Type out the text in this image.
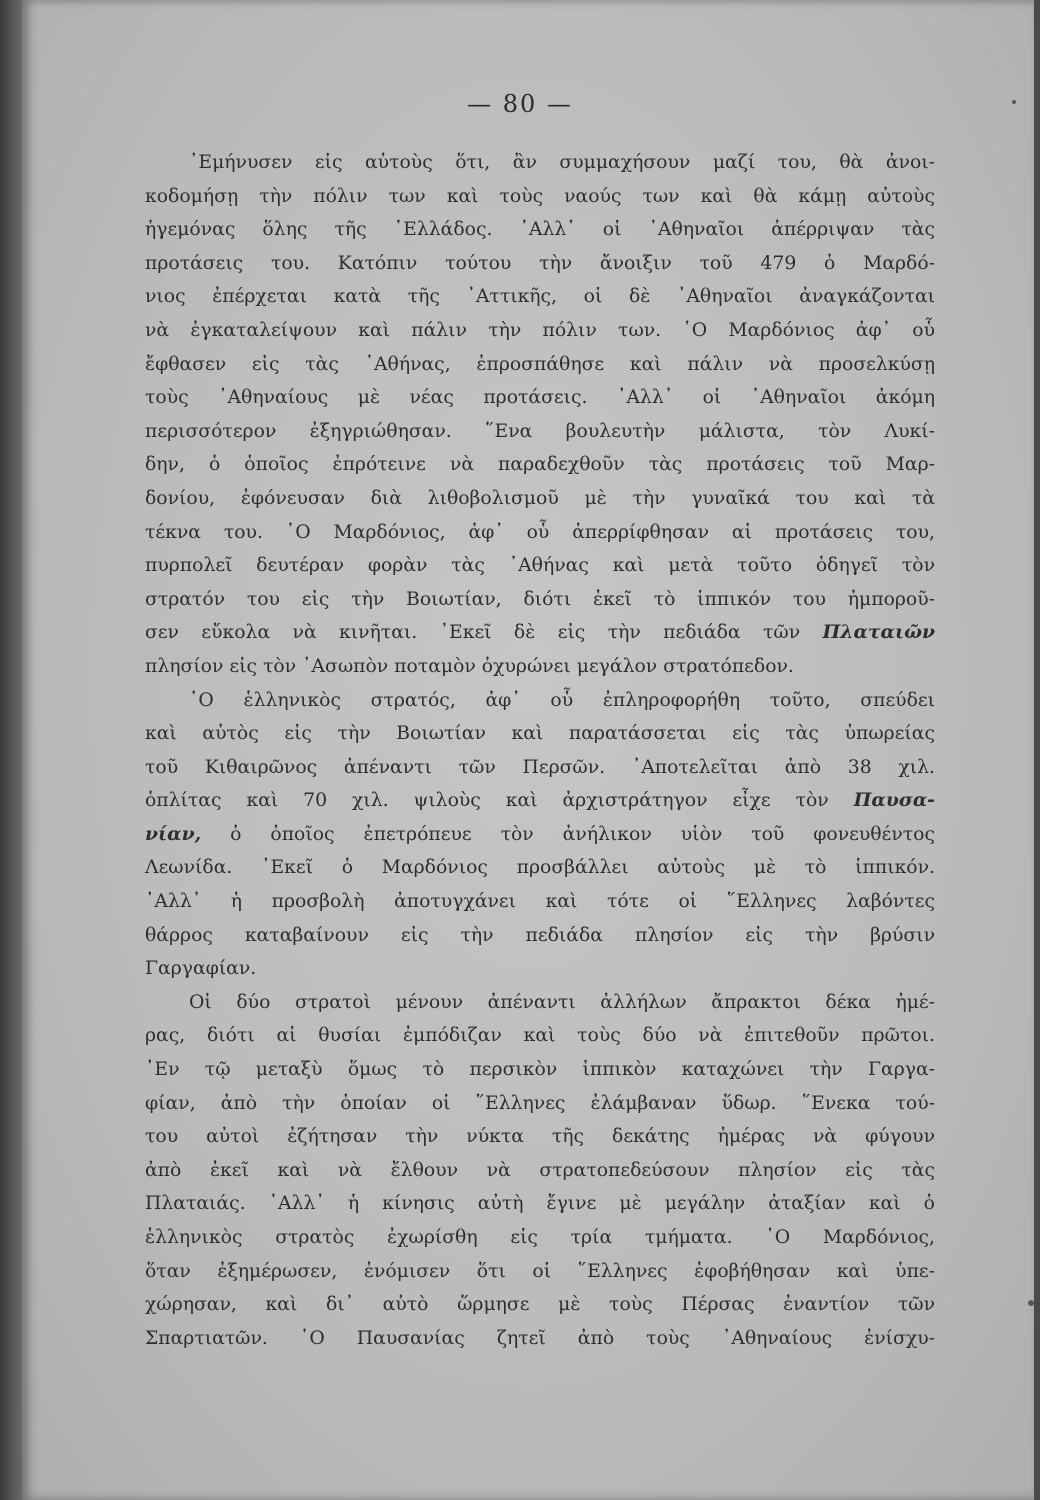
— 80 —

᾿Εμήνυσεν εἰς αὐτοὺς ὅτι, ἂν συμμαχήσουν μαζί του, θὰ ἀνοι-
κοδομήσῃ τὴν πόλιν των καὶ τοὺς ναούς των καὶ θὰ κάμῃ αὐτοὺς
ἡγεμόνας ὅλης τῆς ῾Ελλάδος. ᾿Αλλ᾿ οἱ ᾿Αθηναῖοι ἀπέρριψαν τὰς
προτάσεις του. Κατόπιν τούτου τὴν ἄνοιξιν τοῦ 479 ὁ Μαρδό-
νιος ἐπέρχεται κατὰ τῆς ᾿Αττικῆς, οἱ δὲ ᾿Αθηναῖοι ἀναγκάζονται
νὰ ἐγκαταλείψουν καὶ πάλιν τὴν πόλιν των. ῾Ο Μαρδόνιος ἀφ᾿ οὗ
ἔφθασεν εἰς τὰς ᾿Αθήνας, ἐπροσπάθησε καὶ πάλιν νὰ προσελκύσῃ
τοὺς ᾿Αθηναίους μὲ νέας προτάσεις. ᾿Αλλ᾿ οἱ ᾿Αθηναῖοι ἀκόμη
περισσότερον ἐξηγριώθησαν. ῞Ενα βουλευτὴν μάλιστα, τὸν Λυκί-
δην, ὁ ὁποῖος ἐπρότεινε νὰ παραδεχθοῦν τὰς προτάσεις τοῦ Μαρ-
δονίου, ἐφόνευσαν διὰ λιθοβολισμοῦ μὲ τὴν γυναῖκά του καὶ τὰ
τέκνα του. ῾Ο Μαρδόνιος, ἀφ᾿ οὗ ἀπερρίφθησαν αἱ προτάσεις του,
πυρπολεῖ δευτέραν φορὰν τὰς ᾿Αθήνας καὶ μετὰ τοῦτο ὁδηγεῖ τὸν
στρατόν του εἰς τὴν Βοιωτίαν, διότι ἐκεῖ τὸ ἱππικόν του ἠμποροῦ-
σεν εὔκολα νὰ κινῆται. ᾿Εκεῖ δὲ εἰς τὴν πεδιάδα τῶν Πλαταιῶν
πλησίον εἰς τὸν ᾿Ασωπὸν ποταμὸν ὀχυρώνει μεγάλον στρατόπεδον.

῾Ο ἑλληνικὸς στρατός, ἀφ᾿ οὗ ἐπληροφορήθη τοῦτο, σπεύδει
καὶ αὐτὸς εἰς τὴν Βοιωτίαν καὶ παρατάσσεται εἰς τὰς ὑπωρείας
τοῦ Κιθαιρῶνος ἀπέναντι τῶν Περσῶν. ᾿Αποτελεῖται ἀπὸ 38 χιλ.
ὁπλίτας καὶ 70 χιλ. ψιλοὺς καὶ ἀρχιστράτηγον εἶχε τὸν Παυσα-
νίαν, ὁ ὁποῖος ἐπετρόπευε τὸν ἀνήλικον υἱὸν τοῦ φονευθέντος
Λεωνίδα. ᾿Εκεῖ ὁ Μαρδόνιος προσβάλλει αὐτοὺς μὲ τὸ ἱππικόν.
᾿Αλλ᾿ ἡ προσβολὴ ἀποτυγχάνει καὶ τότε οἱ ῞Ελληνες λαβόντες
θάρρος καταβαίνουν εἰς τὴν πεδιάδα πλησίον εἰς τὴν βρύσιν
Γαργαφίαν.

Οἱ δύο στρατοὶ μένουν ἀπέναντι ἀλλήλων ἄπρακτοι δέκα ἡμέ-
ρας, διότι αἱ θυσίαι ἐμπόδιζαν καὶ τοὺς δύο νὰ ἐπιτεθοῦν πρῶτοι.
᾿Εν τῷ μεταξὺ ὅμως τὸ περσικὸν ἱππικὸν καταχώνει τὴν Γαργα-
φίαν, ἀπὸ τὴν ὁποίαν οἱ ῞Ελληνες ἐλάμβαναν ὕδωρ. ῞Ενεκα τού-
του αὐτοὶ ἐζήτησαν τὴν νύκτα τῆς δεκάτης ἡμέρας νὰ φύγουν
ἀπὸ ἐκεῖ καὶ νὰ ἔλθουν νὰ στρατοπεδεύσουν πλησίον εἰς τὰς
Πλαταιάς. ᾿Αλλ᾿ ἡ κίνησις αὐτὴ ἔγινε μὲ μεγάλην ἀταξίαν καὶ ὁ
ἑλληνικὸς στρατὸς ἐχωρίσθη εἰς τρία τμήματα. ῾Ο Μαρδόνιος,
ὅταν ἐξημέρωσεν, ἐνόμισεν ὅτι οἱ ῞Ελληνες ἐφοβήθησαν καὶ ὑπε-
χώρησαν, καὶ δι᾿ αὐτὸ ὥρμησε μὲ τοὺς Πέρσας ἐναντίον τῶν
Σπαρτιατῶν. ῾Ο Παυσανίας ζητεῖ ἀπὸ τοὺς ᾿Αθηναίους ἐνίσχυ-
